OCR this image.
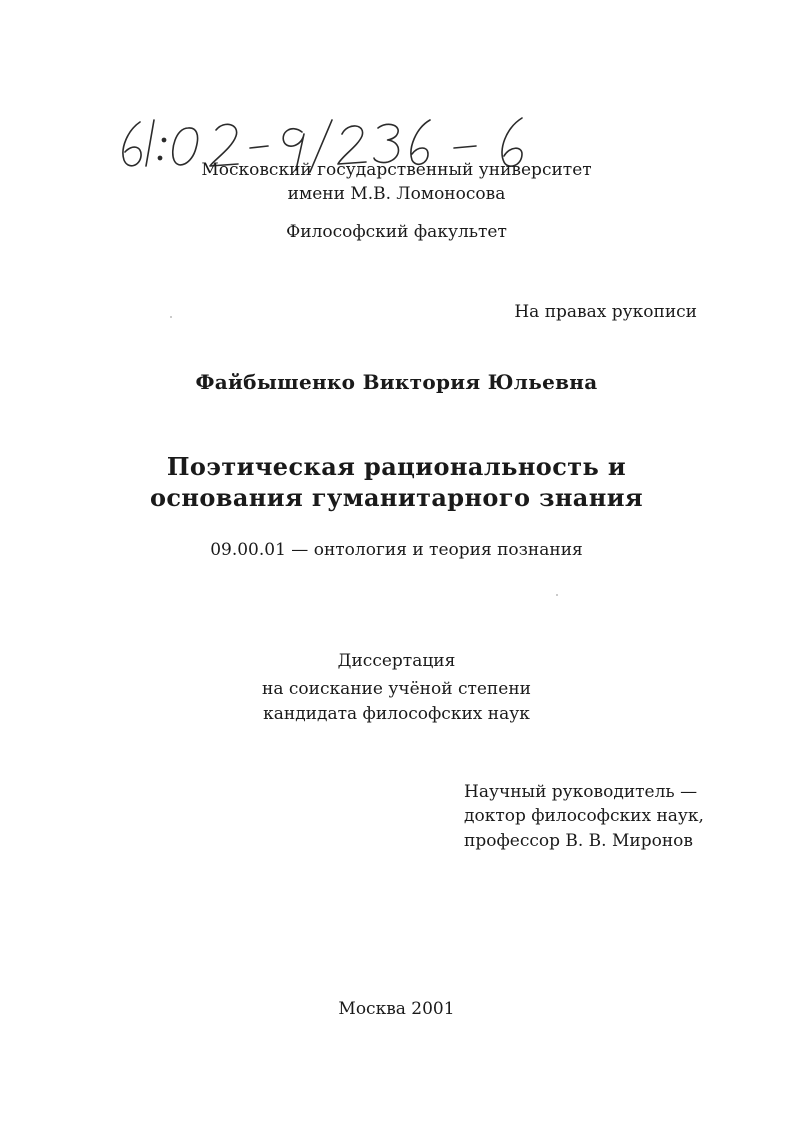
Московский государственный университет
имени М.В. Ломоносова
Философский факультет
На правах рукописи
Файбышенко Виктория Юльевна
Поэтическая рациональность и
основания гуманитарного знания
09.00.01 — онтология и теория познания
Диссертация
на соискание учёной степени
кандидата философских наук
Научный руководитель —
доктор философских наук,
профессор В. В. Миронов
Москва 2001
